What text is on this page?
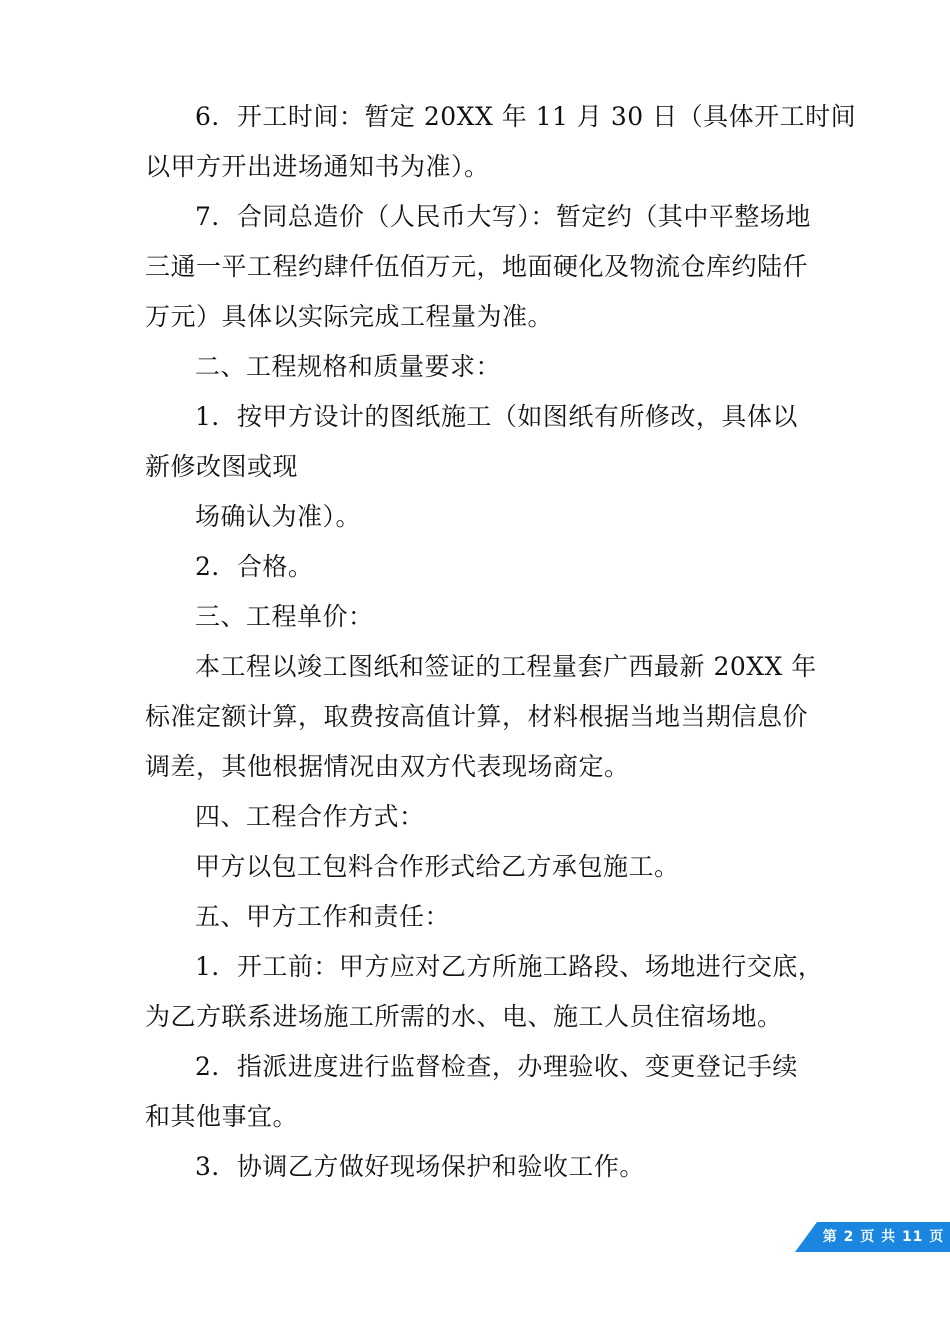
6．开工时间：暂定 20XX 年 11 月 30 日（具体开工时间
以甲方开出进场通知书为准）。
7．合同总造价（人民币大写）：暂定约（其中平整场地
三通一平工程约肆仟伍佰万元，地面硬化及物流仓库约陆仟
万元）具体以实际完成工程量为准。
二、工程规格和质量要求：
1．按甲方设计的图纸施工（如图纸有所修改，具体以
新修改图或现
场确认为准）。
2．合格。
三、工程单价：
本工程以竣工图纸和签证的工程量套广西最新 20XX 年
标准定额计算，取费按高值计算，材料根据当地当期信息价
调差，其他根据情况由双方代表现场商定。
四、工程合作方式：
甲方以包工包料合作形式给乙方承包施工。
五、甲方工作和责任：
1．开工前：甲方应对乙方所施工路段、场地进行交底，
为乙方联系进场施工所需的水、电、施工人员住宿场地。
2．指派进度进行监督检查，办理验收、变更登记手续
和其他事宜。
3．协调乙方做好现场保护和验收工作。
第 2 页 共 11 页
